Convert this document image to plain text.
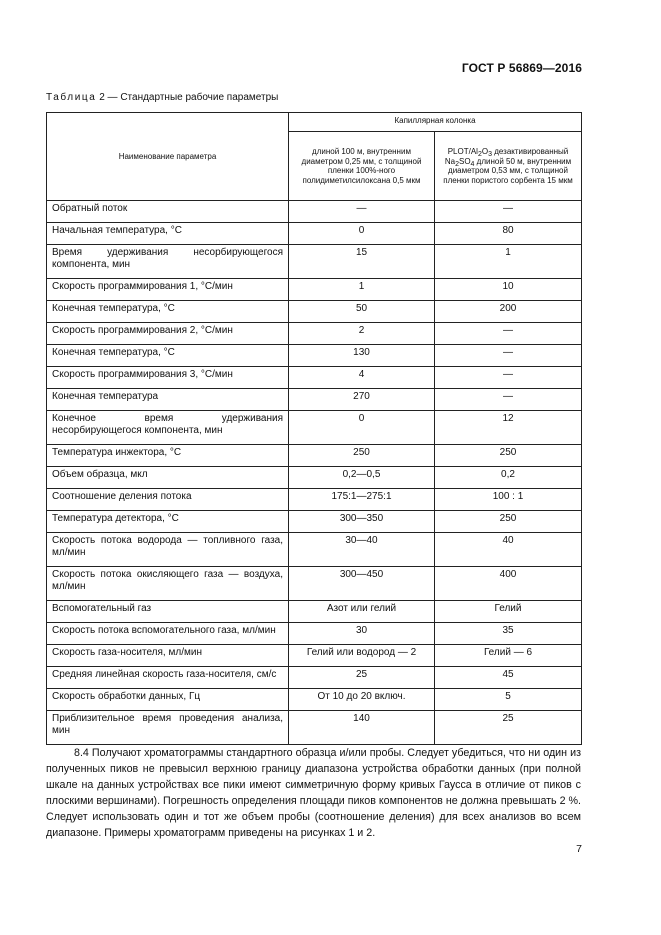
ГОСТ Р 56869—2016
Таблица 2 — Стандартные рабочие параметры
Наименование параметра	Капиллярная колонка	
	длиной 100 м, внутренним диаметром 0,25 мм, с толщиной пленки 100%-ного полидиметилсилоксана 0,5 мкм	PLOT/$Al_2O_3$ дезактивированный $Na_2SO_4$ длиной 50 м, внутренним диаметром 0,53 мм, с толщиной пленки пористого сорбента 15 мкм
Обратный поток	—	—
Начальная температура, °С	0	80
Время удерживания несорбирующегося компонента, мин	15	1
Скорость программирования 1, °С/мин	1	10
Конечная температура, °С	50	200
Скорость программирования 2, °С/мин	2	—
Конечная температура, °С	130	—
Скорость программирования 3, °С/мин	4	—
Конечная температура	270	—
Конечное время удерживания несорбирующегося компонента, мин	0	12
Температура инжектора, °С	250	250
Объем образца, мкл	0,2—0,5	0,2
Соотношение деления потока	175:1—275:1	100 : 1
Температура детектора, °С	300—350	250
Скорость потока водорода — топливного газа, мл/мин	30—40	40
Скорость потока окисляющего газа — воздуха, мл/мин	300—450	400
Вспомогательный газ	Азот или гелий	Гелий
Скорость потока вспомогательного газа, мл/мин	30	35
Скорость газа-носителя, мл/мин	Гелий или водород — 2	Гелий — 6
Средняя линейная скорость газа-носителя, см/с	25	45
Скорость обработки данных, Гц	От 10 до 20 включ.	5
Приблизительное время проведения анализа, мин	140	25

8.4 Получают хроматограммы стандартного образца и/или пробы. Следует убедиться, что ни один из полученных пиков не превысил верхнюю границу диапазона устройства обработки данных (при полной шкале на данных устройствах все пики имеют симметричную форму кривых Гаусса в отличие от пиков с плоскими вершинами). Погрешность определения площади пиков компонентов не должна превышать 2 %. Следует использовать один и тот же объем пробы (соотношение деления) для всех анализов во всем диапазоне. Примеры хроматограмм приведены на рисунках 1 и 2.

7
